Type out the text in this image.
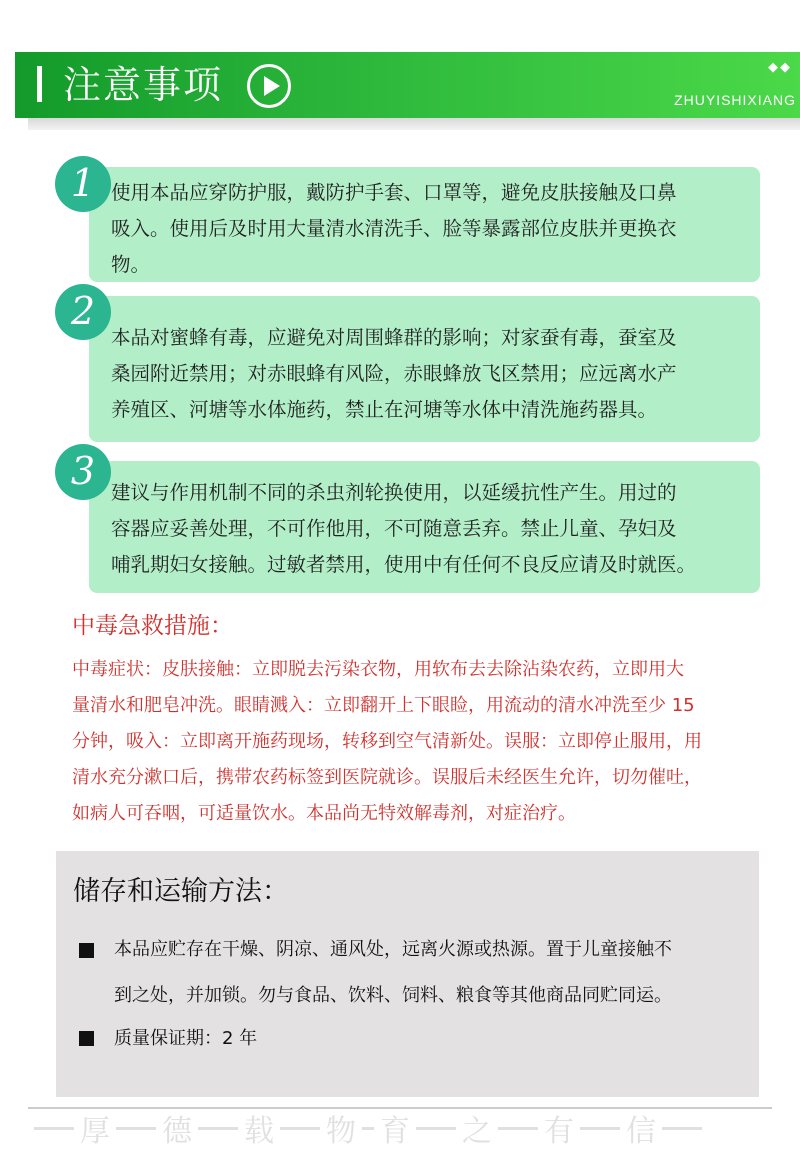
注意事项	◆◆
ZHUYISHIXIANG
使用本品应穿防护服，戴防护手套、口罩等，避免皮肤接触及口鼻
吸入。使用后及时用大量清水清洗手、脸等暴露部位皮肤并更换衣
物。
1
本品对蜜蜂有毒，应避免对周围蜂群的影响；对家蚕有毒，蚕室及
桑园附近禁用；对赤眼蜂有风险，赤眼蜂放飞区禁用；应远离水产
养殖区、河塘等水体施药，禁止在河塘等水体中清洗施药器具。
2
建议与作用机制不同的杀虫剂轮换使用，以延缓抗性产生。用过的
容器应妥善处理，不可作他用，不可随意丢弃。禁止儿童、孕妇及
哺乳期妇女接触。过敏者禁用，使用中有任何不良反应请及时就医。
3
中毒急救措施：
中毒症状：皮肤接触：立即脱去污染衣物，用软布去去除沾染农药，立即用大
量清水和肥皂冲洗。眼睛溅入：立即翻开上下眼睑，用流动的清水冲洗至少 15
分钟，吸入：立即离开施药现场，转移到空气清新处。误服：立即停止服用，用
清水充分漱口后，携带农药标签到医院就诊。误服后未经医生允许，切勿催吐，
如病人可吞咽，可适量饮水。本品尚无特效解毒剂，对症治疗。
储存和运输方法：
本品应贮存在干燥、阴凉、通风处，远离火源或热源。置于儿童接触不
到之处，并加锁。勿与食品、饮料、饲料、粮食等其他商品同贮同运。
质量保证期：2 年
厚 德 载 物 育 之 有 信
